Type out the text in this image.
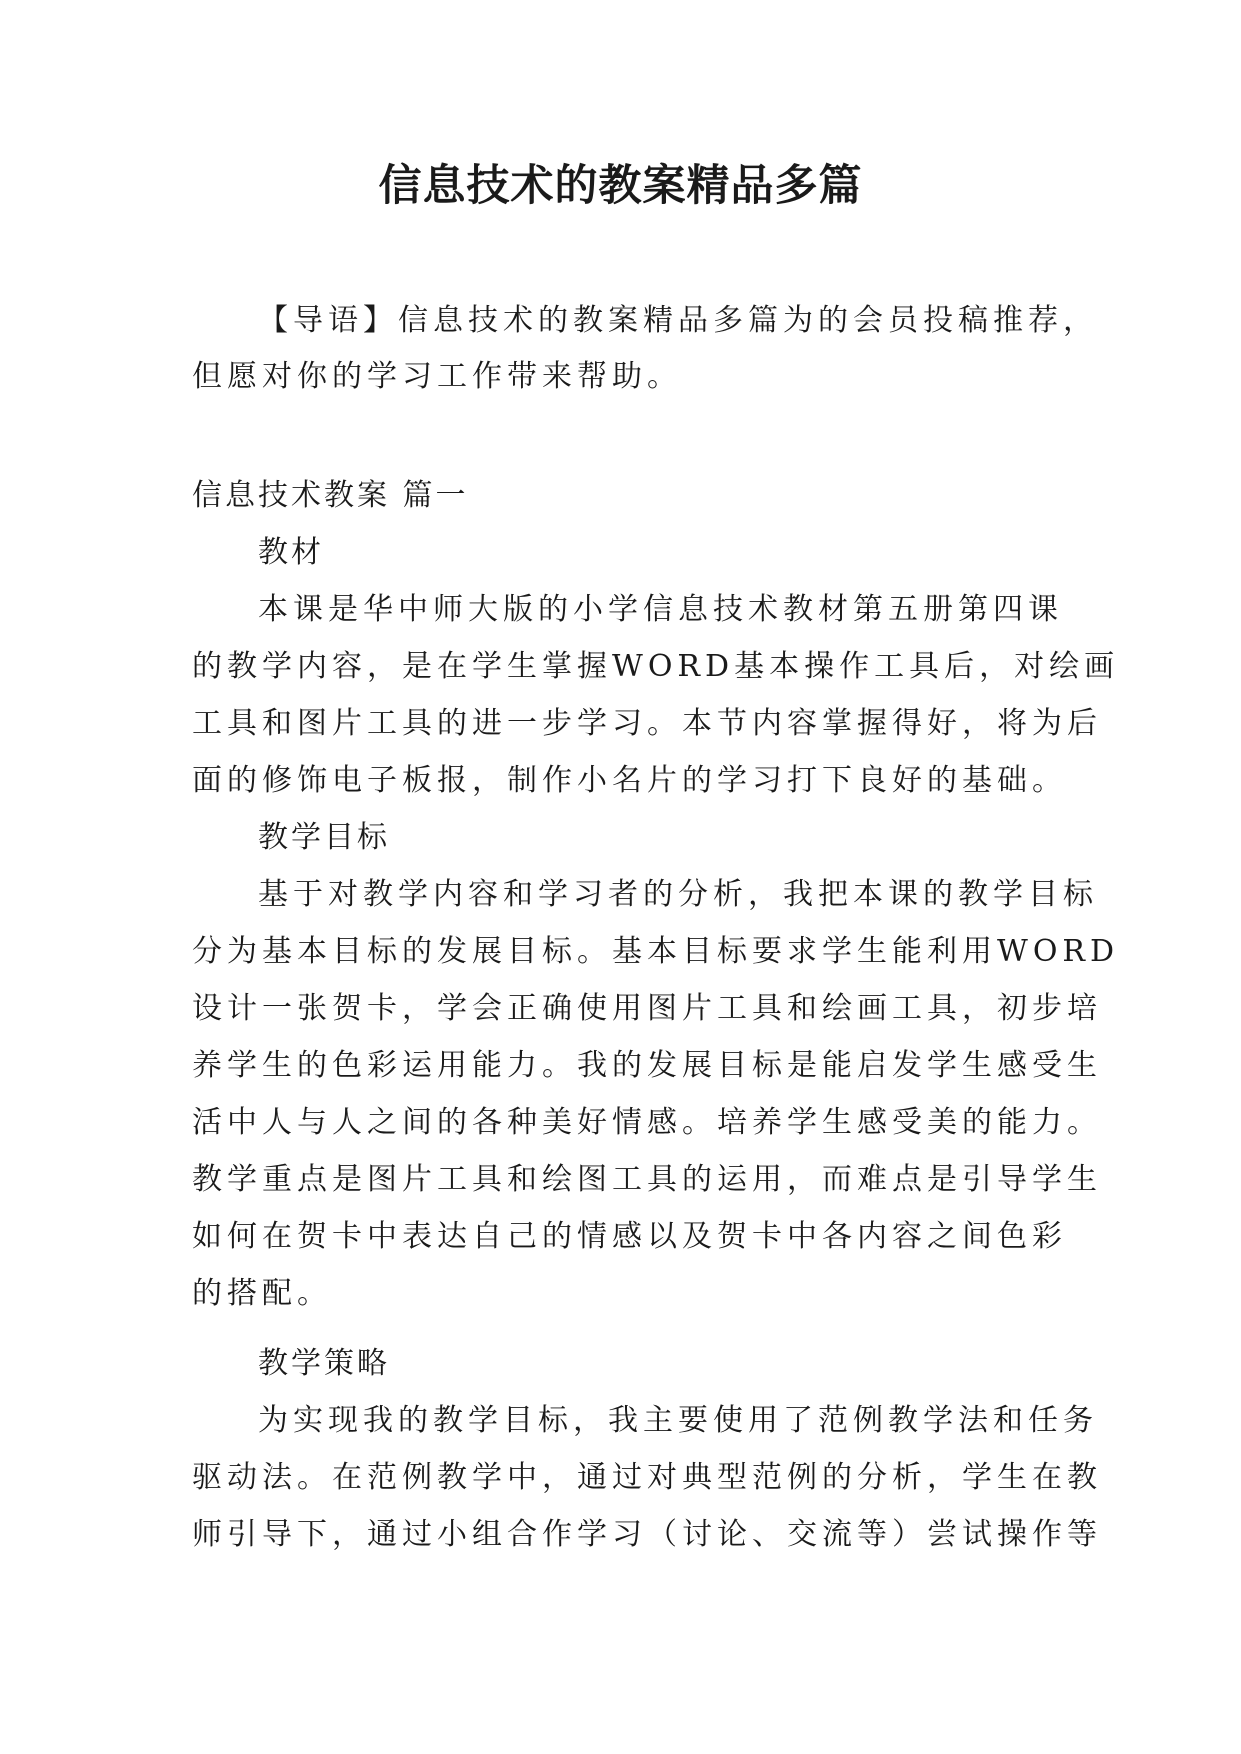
信息技术的教案精品多篇

【导语】信息技术的教案精品多篇为的会员投稿推荐，

但愿对你的学习工作带来帮助。

信息技术教案 篇一

教材

本课是华中师大版的小学信息技术教材第五册第四课

的教学内容，是在学生掌握WORD基本操作工具后，对绘画

工具和图片工具的进一步学习。本节内容掌握得好，将为后

面的修饰电子板报，制作小名片的学习打下良好的基础。

教学目标

基于对教学内容和学习者的分析，我把本课的教学目标

分为基本目标的发展目标。基本目标要求学生能利用WORD

设计一张贺卡，学会正确使用图片工具和绘画工具，初步培

养学生的色彩运用能力。我的发展目标是能启发学生感受生

活中人与人之间的各种美好情感。培养学生感受美的能力。

教学重点是图片工具和绘图工具的运用，而难点是引导学生

如何在贺卡中表达自己的情感以及贺卡中各内容之间色彩

的搭配。

教学策略

为实现我的教学目标，我主要使用了范例教学法和任务

驱动法。在范例教学中，通过对典型范例的分析，学生在教

师引导下，通过小组合作学习（讨论、交流等）尝试操作等
